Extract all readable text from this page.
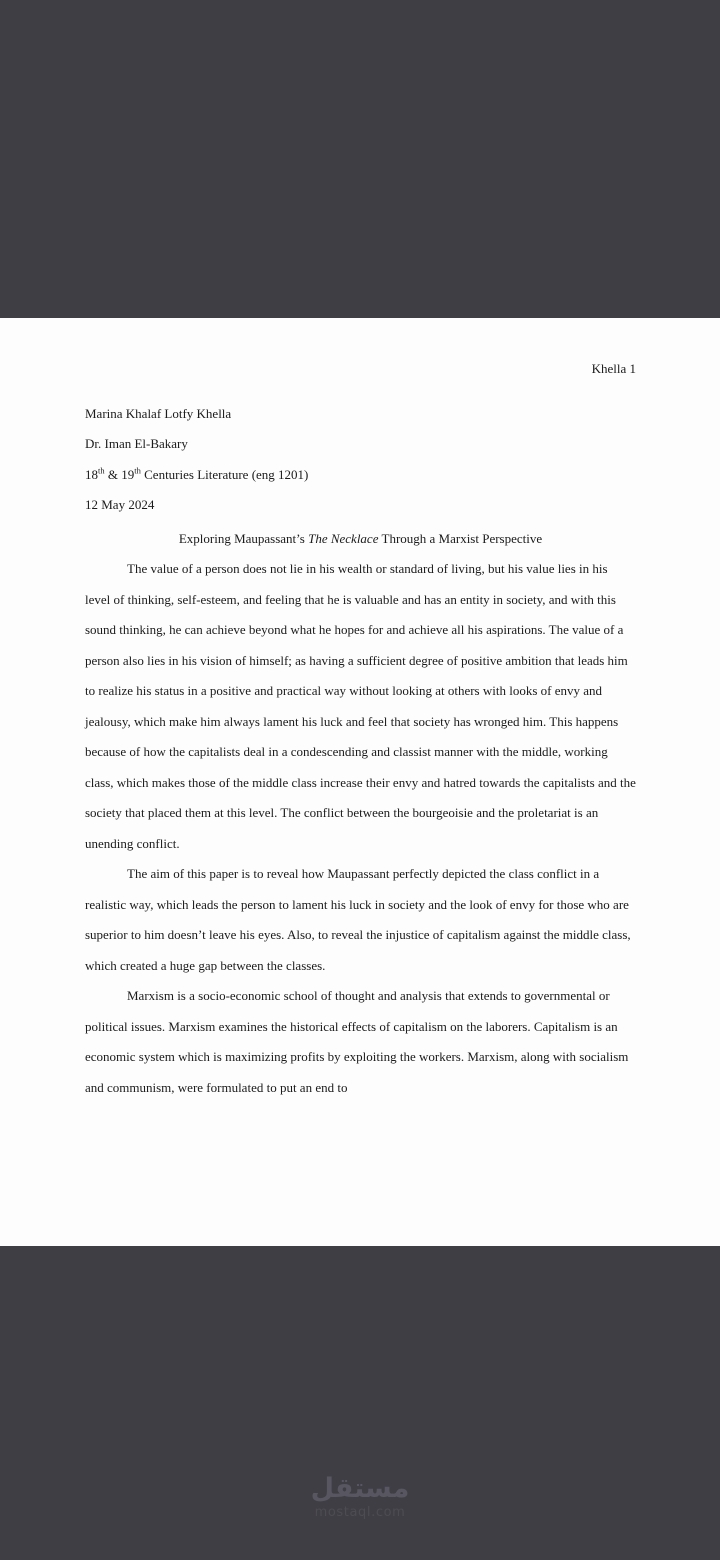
Khella 1

Marina Khalaf Lotfy Khella

Dr. Iman El-Bakary

18th & 19th Centuries Literature (eng 1201)

12 May 2024

Exploring Maupassant’s The Necklace Through a Marxist Perspective

The value of a person does not lie in his wealth or standard of living, but his value lies in his level of thinking, self-esteem, and feeling that he is valuable and has an entity in society, and with this sound thinking, he can achieve beyond what he hopes for and achieve all his aspirations. The value of a person also lies in his vision of himself; as having a sufficient degree of positive ambition that leads him to realize his status in a positive and practical way without looking at others with looks of envy and jealousy, which make him always lament his luck and feel that society has wronged him. This happens because of how the capitalists deal in a condescending and classist manner with the middle, working class, which makes those of the middle class increase their envy and hatred towards the capitalists and the society that placed them at this level. The conflict between the bourgeoisie and the proletariat is an unending conflict.

The aim of this paper is to reveal how Maupassant perfectly depicted the class conflict in a realistic way, which leads the person to lament his luck in society and the look of envy for those who are superior to him doesn’t leave his eyes. Also, to reveal the injustice of capitalism against the middle class, which created a huge gap between the classes.

Marxism is a socio-economic school of thought and analysis that extends to governmental or political issues. Marxism examines the historical effects of capitalism on the laborers. Capitalism is an economic system which is maximizing profits by exploiting the workers. Marxism, along with socialism and communism, were formulated to put an end to

مستقل
mostaql.com
